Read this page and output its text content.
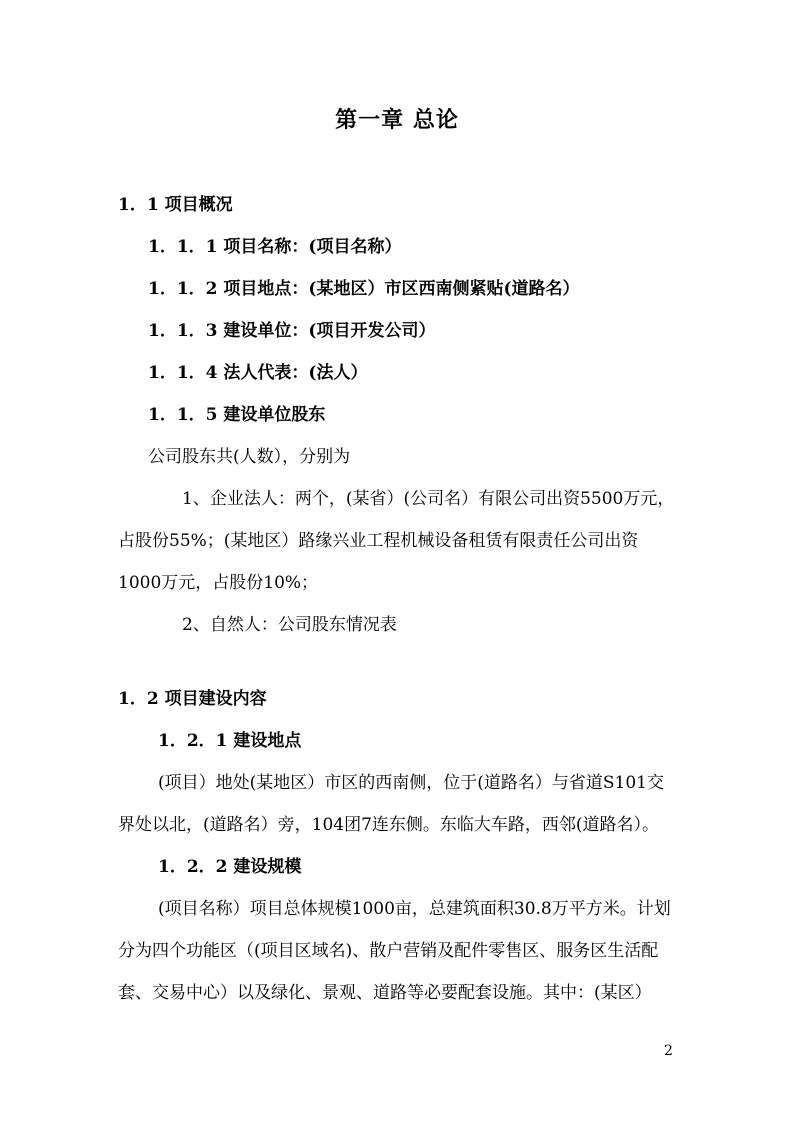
第一章 总论
1．1 项目概况
1．1．1 项目名称：(项目名称）
1．1．2 项目地点：(某地区）市区西南侧紧贴(道路名）
1．1．3 建设单位：(项目开发公司）
1．1．4 法人代表：(法人）
1．1．5 建设单位股东
公司股东共(人数），分别为
1、企业法人：两个，(某省）(公司名）有限公司出资5500万元，
占股份55%；(某地区）路缘兴业工程机械设备租赁有限责任公司出资
1000万元，占股份10%；
2、自然人：公司股东情况表
1．2 项目建设内容
1．2．1 建设地点
(项目）地处(某地区）市区的西南侧，位于(道路名）与省道S101交
界处以北，(道路名）旁，104团7连东侧。东临大车路，西邻(道路名）。
1．2．2 建设规模
(项目名称）项目总体规模1000亩，总建筑面积30.8万平方米。计划
分为四个功能区（(项目区域名)、散户营销及配件零售区、服务区生活配
套、交易中心）以及绿化、景观、道路等必要配套设施。其中：(某区）
2
